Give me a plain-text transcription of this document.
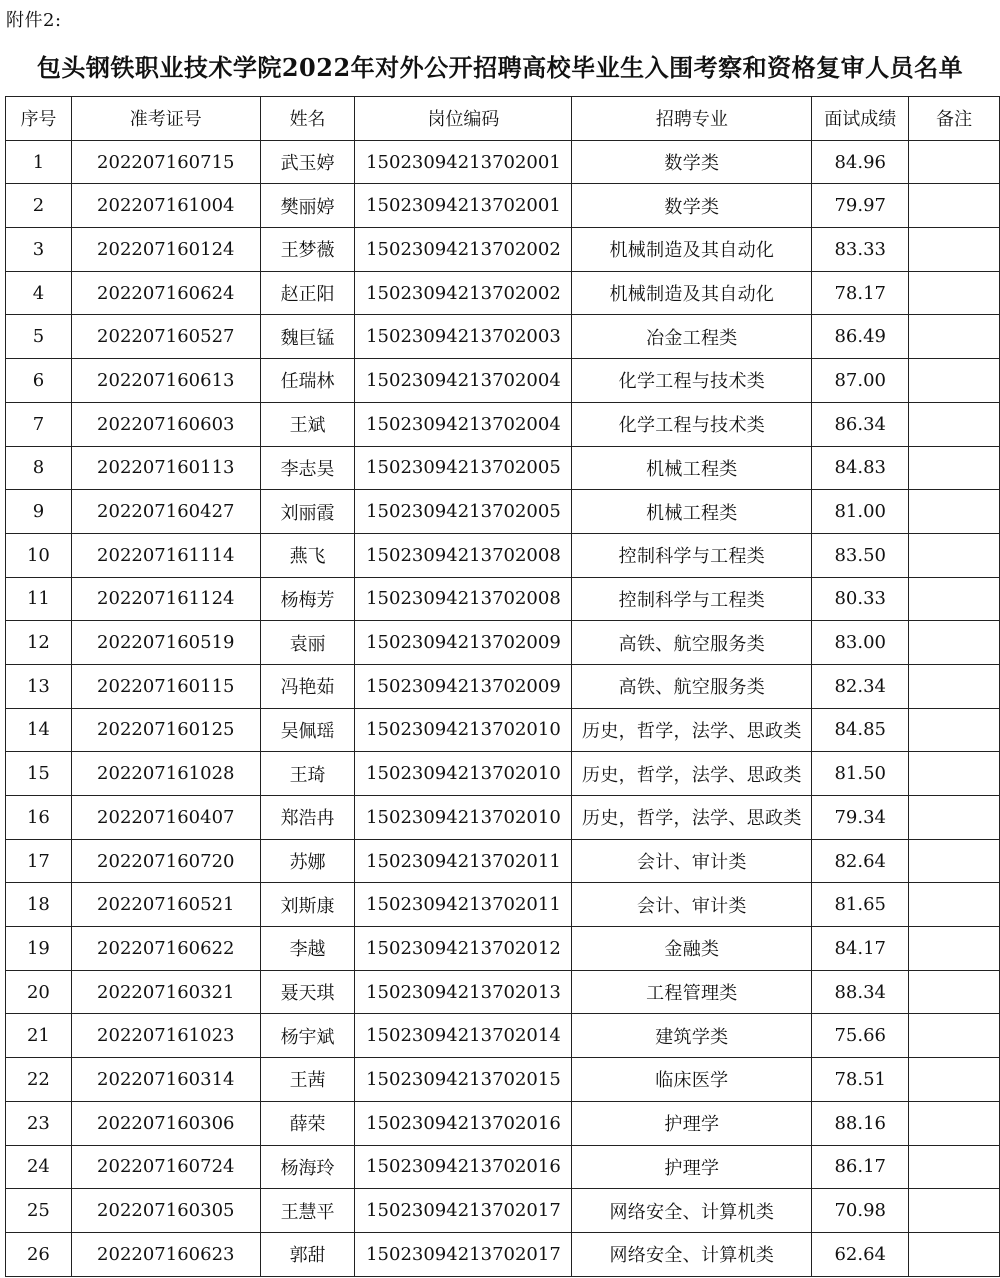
附件2:
包头钢铁职业技术学院2022年对外公开招聘高校毕业生入围考察和资格复审人员名单
序号	准考证号	姓名	岗位编码	招聘专业	面试成绩	备注
1	202207160715	武玉婷	15023094213702001	数学类	84.96	
2	202207161004	樊丽婷	15023094213702001	数学类	79.97	
3	202207160124	王梦薇	15023094213702002	机械制造及其自动化	83.33	
4	202207160624	赵正阳	15023094213702002	机械制造及其自动化	78.17	
5	202207160527	魏巨锰	15023094213702003	冶金工程类	86.49	
6	202207160613	任瑞林	15023094213702004	化学工程与技术类	87.00	
7	202207160603	王斌	15023094213702004	化学工程与技术类	86.34	
8	202207160113	李志昊	15023094213702005	机械工程类	84.83	
9	202207160427	刘丽霞	15023094213702005	机械工程类	81.00	
10	202207161114	燕飞	15023094213702008	控制科学与工程类	83.50	
11	202207161124	杨梅芳	15023094213702008	控制科学与工程类	80.33	
12	202207160519	袁丽	15023094213702009	高铁、航空服务类	83.00	
13	202207160115	冯艳茹	15023094213702009	高铁、航空服务类	82.34	
14	202207160125	吴佩瑶	15023094213702010	历史，哲学，法学、思政类	84.85	
15	202207161028	王琦	15023094213702010	历史，哲学，法学、思政类	81.50	
16	202207160407	郑浩冉	15023094213702010	历史，哲学，法学、思政类	79.34	
17	202207160720	苏娜	15023094213702011	会计、审计类	82.64	
18	202207160521	刘斯康	15023094213702011	会计、审计类	81.65	
19	202207160622	李越	15023094213702012	金融类	84.17	
20	202207160321	聂天琪	15023094213702013	工程管理类	88.34	
21	202207161023	杨宇斌	15023094213702014	建筑学类	75.66	
22	202207160314	王茜	15023094213702015	临床医学	78.51	
23	202207160306	薛荣	15023094213702016	护理学	88.16	
24	202207160724	杨海玲	15023094213702016	护理学	86.17	
25	202207160305	王慧平	15023094213702017	网络安全、计算机类	70.98	
26	202207160623	郭甜	15023094213702017	网络安全、计算机类	62.64	
